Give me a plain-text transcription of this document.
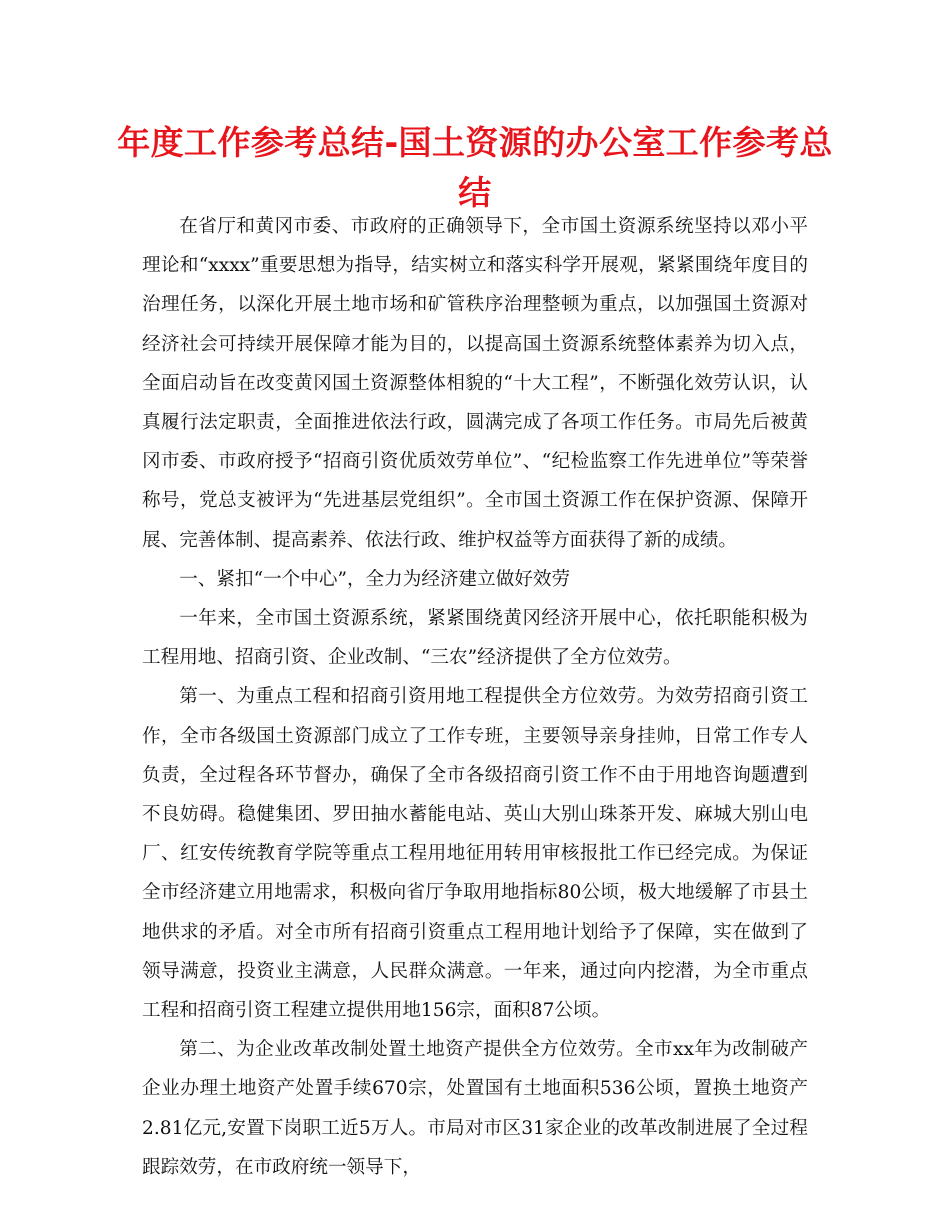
年度工作参考总结-国土资源的办公室工作参考总结

在省厅和黄冈市委、市政府的正确领导下，全市国土资源系统坚持以邓小平理论和“xxxx”重要思想为指导，结实树立和落实科学开展观，紧紧围绕年度目的治理任务，以深化开展土地市场和矿管秩序治理整顿为重点，以加强国土资源对经济社会可持续开展保障才能为目的，以提高国土资源系统整体素养为切入点，全面启动旨在改变黄冈国土资源整体相貌的“十大工程”，不断强化效劳认识，认真履行法定职责，全面推进依法行政，圆满完成了各项工作任务。市局先后被黄冈市委、市政府授予“招商引资优质效劳单位”、“纪检监察工作先进单位”等荣誉称号，党总支被评为“先进基层党组织”。全市国土资源工作在保护资源、保障开展、完善体制、提高素养、依法行政、维护权益等方面获得了新的成绩。

一、紧扣“一个中心”，全力为经济建立做好效劳

一年来，全市国土资源系统，紧紧围绕黄冈经济开展中心，依托职能积极为工程用地、招商引资、企业改制、“三农”经济提供了全方位效劳。

第一、为重点工程和招商引资用地工程提供全方位效劳。为效劳招商引资工作，全市各级国土资源部门成立了工作专班，主要领导亲身挂帅，日常工作专人负责，全过程各环节督办，确保了全市各级招商引资工作不由于用地咨询题遭到不良妨碍。稳健集团、罗田抽水蓄能电站、英山大别山珠茶开发、麻城大别山电厂、红安传统教育学院等重点工程用地征用转用审核报批工作已经完成。为保证全市经济建立用地需求，积极向省厅争取用地指标80公顷，极大地缓解了市县土地供求的矛盾。对全市所有招商引资重点工程用地计划给予了保障，实在做到了领导满意，投资业主满意，人民群众满意。一年来，通过向内挖潜，为全市重点工程和招商引资工程建立提供用地156宗，面积87公顷。

第二、为企业改革改制处置土地资产提供全方位效劳。全市xx年为改制破产企业办理土地资产处置手续670宗，处置国有土地面积536公顷，置换土地资产2.81亿元,安置下岗职工近5万人。市局对市区31家企业的改革改制进展了全过程跟踪效劳，在市政府统一领导下，
